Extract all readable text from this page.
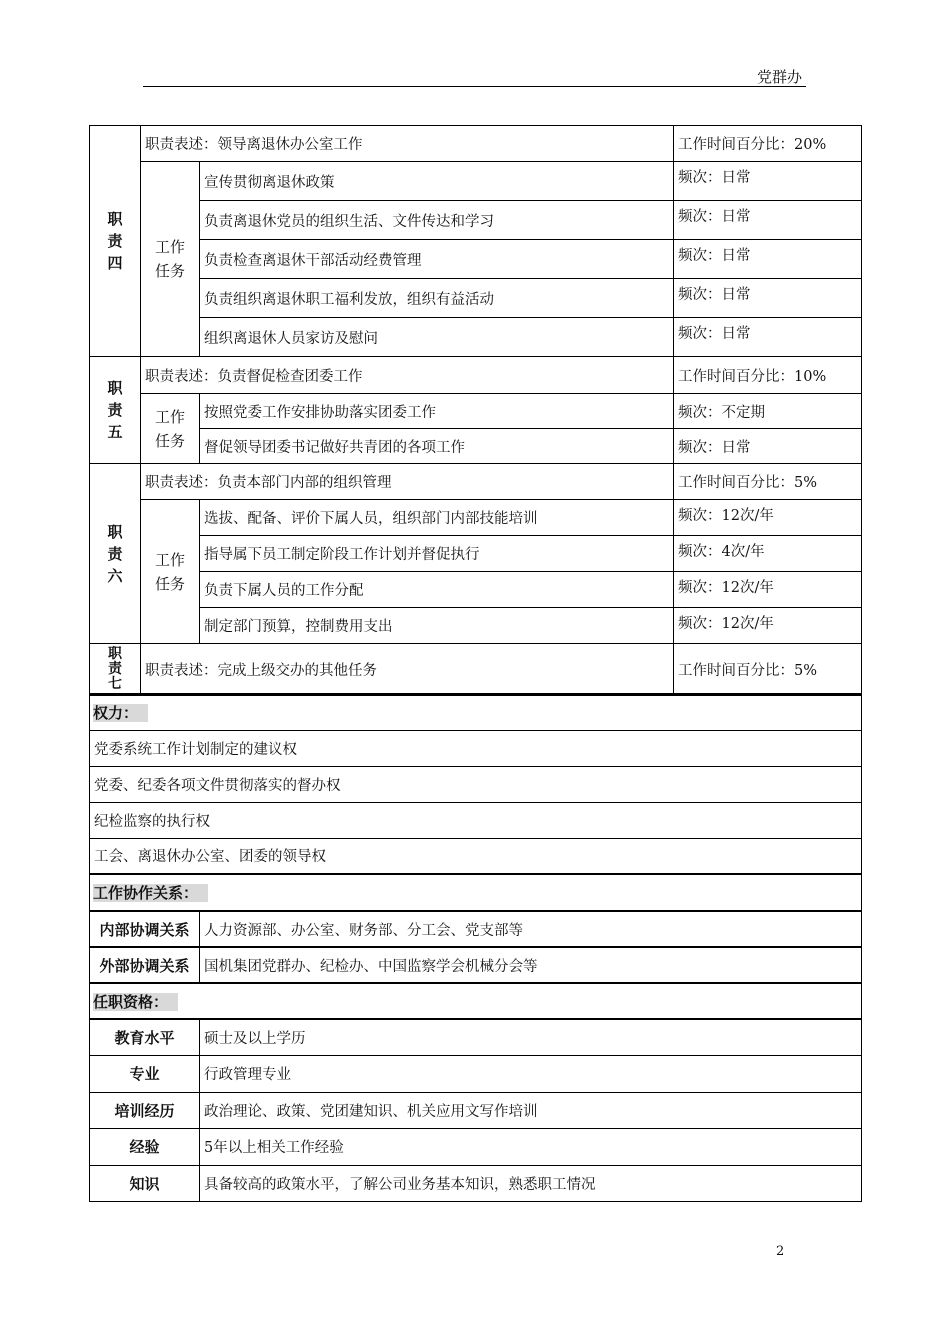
党群办
职
责
四	职责表述：领导离退休办公室工作		工作时间百分比：20%
	工作
任务	宣传贯彻离退休政策	频次：日常
		负责离退休党员的组织生活、文件传达和学习	频次：日常
		负责检查离退休干部活动经费管理	频次：日常
		负责组织离退休职工福利发放，组织有益活动	频次：日常
		组织离退休人员家访及慰问	频次：日常
职
责
五	职责表述：负责督促检查团委工作		工作时间百分比：10%
	工作
任务	按照党委工作安排协助落实团委工作	频次：不定期
		督促领导团委书记做好共青团的各项工作	频次：日常
职
责
六	职责表述：负责本部门内部的组织管理		工作时间百分比：5%
	工作
任务	选拔、配备、评价下属人员，组织部门内部技能培训	频次：12次/年
		指导属下员工制定阶段工作计划并督促执行	频次：4次/年
		负责下属人员的工作分配	频次：12次/年
		制定部门预算，控制费用支出	频次：12次/年
职
责
七	职责表述：完成上级交办的其他任务		工作时间百分比：5%
权力：	
党委系统工作计划制定的建议权	
党委、纪委各项文件贯彻落实的督办权	
纪检监察的执行权	
工会、离退休办公室、团委的领导权	
工作协作关系：	
内部协调关系	人力资源部、办公室、财务部、分工会、党支部等
外部协调关系	国机集团党群办、纪检办、中国监察学会机械分会等
任职资格：	
教育水平	硕士及以上学历
专业	行政管理专业
培训经历	政治理论、政策、党团建知识、机关应用文写作培训
经验	5年以上相关工作经验
知识	具备较高的政策水平，了解公司业务基本知识，熟悉职工情况
2
